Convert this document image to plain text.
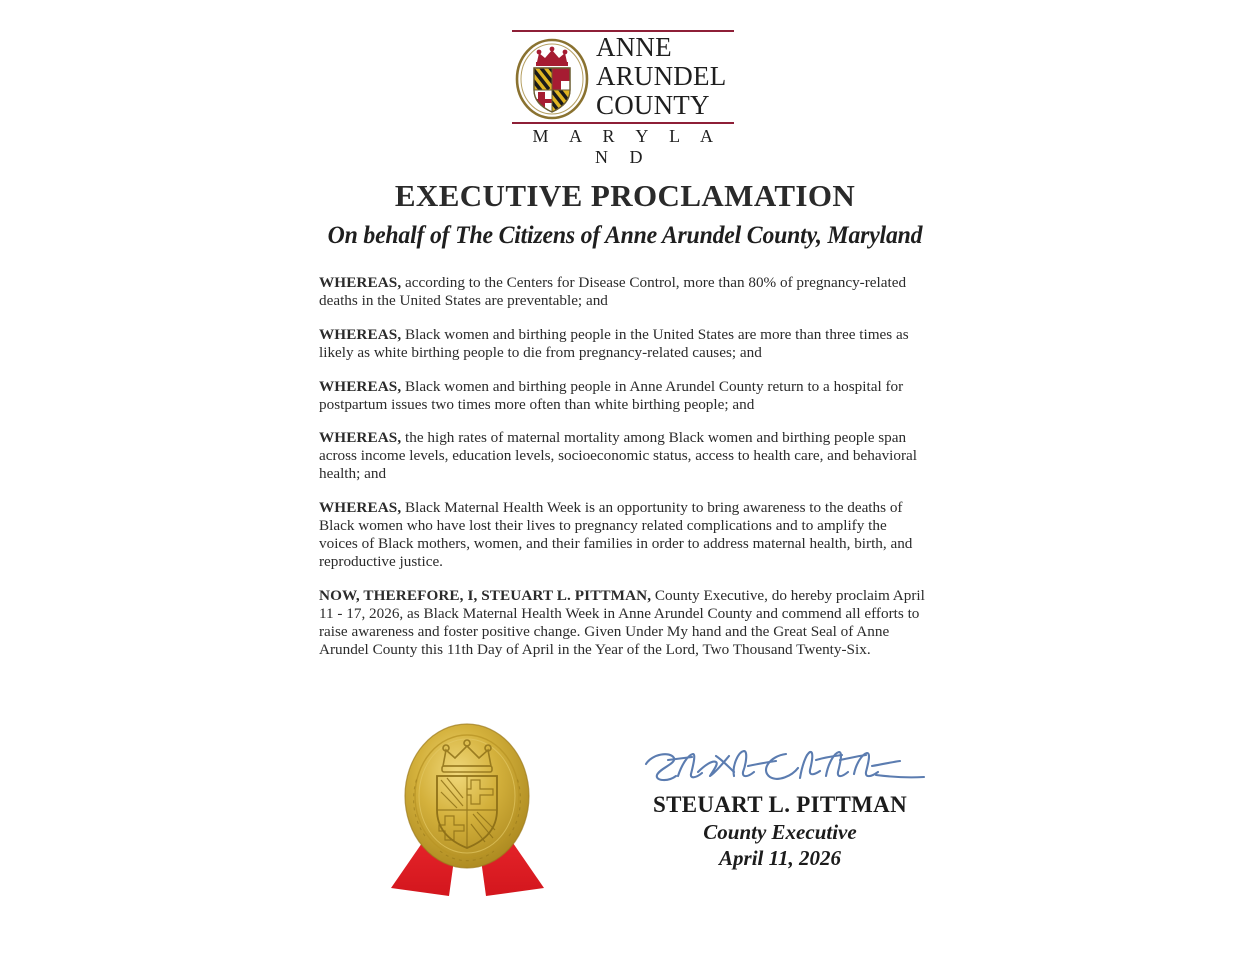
ANNE
ARUNDEL
COUNTY
M A R Y L A N D
EXECUTIVE PROCLAMATION
On behalf of The Citizens of Anne Arundel County, Maryland

WHEREAS, according to the Centers for Disease Control, more than 80% of pregnancy-related deaths in the United States are preventable; and

WHEREAS, Black women and birthing people in the United States are more than three times as likely as white birthing people to die from pregnancy-related causes; and

WHEREAS, Black women and birthing people in Anne Arundel County return to a hospital for postpartum issues two times more often than white birthing people; and

WHEREAS, the high rates of maternal mortality among Black women and birthing people span across income levels, education levels, socioeconomic status, access to health care, and behavioral health; and

WHEREAS, Black Maternal Health Week is an opportunity to bring awareness to the deaths of Black women who have lost their lives to pregnancy related complications and to amplify the voices of Black mothers, women, and their families in order to address maternal health, birth, and reproductive justice.

NOW, THEREFORE, I, STEUART L. PITTMAN, County Executive, do hereby proclaim April 11 - 17, 2026, as Black Maternal Health Week in Anne Arundel County and commend all efforts to raise awareness and foster positive change. Given Under My hand and the Great Seal of Anne Arundel County this 11th Day of April in the Year of the Lord, Two Thousand Twenty-Six.

STEUART L. PITTMAN
County Executive
April 11, 2026
